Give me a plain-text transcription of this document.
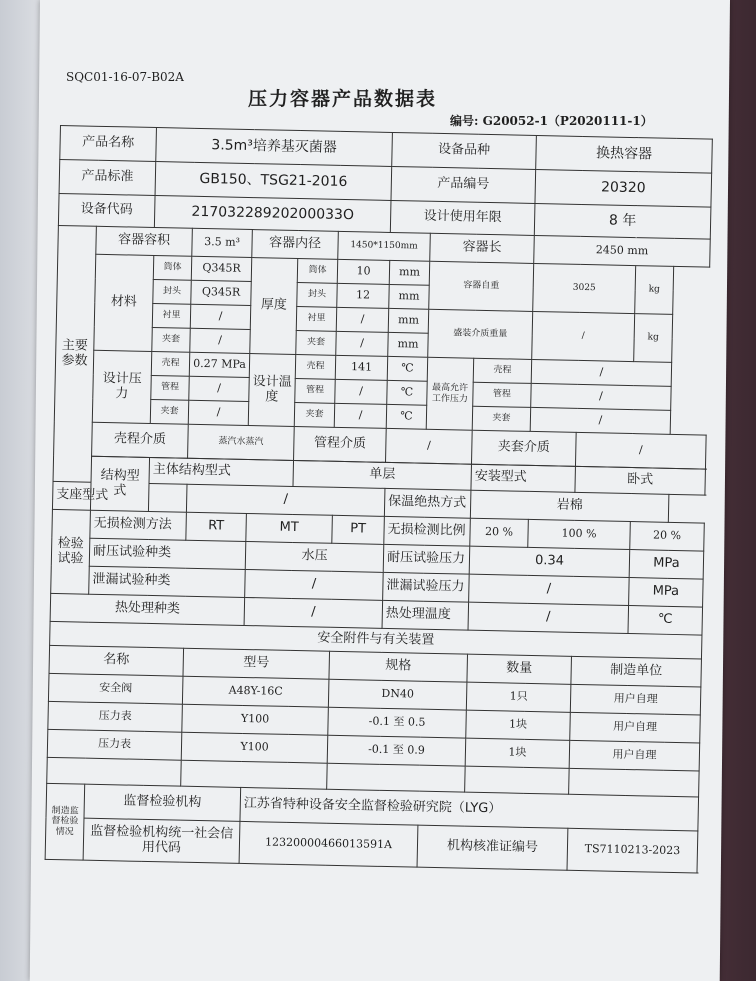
SQC01-16-07-B02A
压力容器产品数据表
编号: G20052-1（P2020111-1）
产品名称		3.5m³培养基灭菌器					设备品种			换热容器		
产品标准		GB150、TSG21-2016					产品编号			20320		
设备代码		21703228920200033O					设计使用年限			8 年		
主要参数	容器容积		3.5 m³	容器内径		1450*1150mm		容器长		2450 mm		
	材料	筒体	Q345R	厚度	筒体	10	mm	容器自重		3025		kg
		封头	Q345R		封头	12	mm					
		衬里	/		衬里	/	mm	盛装介质重量		/		kg
		夹套	/		夹套	/	mm					
	设计压力	壳程	0.27 MPa	设计温度	壳程	141	℃	最高允许工作压力	壳程	/		
		管程	/		管程	/	℃		管程	/		
		夹套	/		夹套	/	℃		夹套	/		
	壳程介质		蒸汽水蒸汽		管程介质		/		夹套介质		/	

	结构型式	主体结构型式			单层				安装型式		卧式	
支座型式			/				保温绝热方式		岩棉			
检验试验	无损检测方法		RT	MT		PT	无损检测比例		20 %	100 %		20 %
	耐压试验种类			水压			耐压试验压力		0.34			MPa
	泄漏试验种类			/			泄漏试验压力		/			MPa
热处理种类				/			热处理温度		/			℃
安全附件与有关装置												
名称			型号			规格			数量		制造单位	
安全阀			A48Y-16C			DN40			1只		用户自理	
压力表			Y100			-0.1 至 0.5			1块		用户自理	
压力表			Y100			-0.1 至 0.9			1块		用户自理	

制造监督检验情况	监督检验机构			江苏省特种设备安全监督检验研究院（LYG）								
	监督检验机构统一社会信用代码			12320000466013591A				机构核准证编号			TS7110213-2023	
